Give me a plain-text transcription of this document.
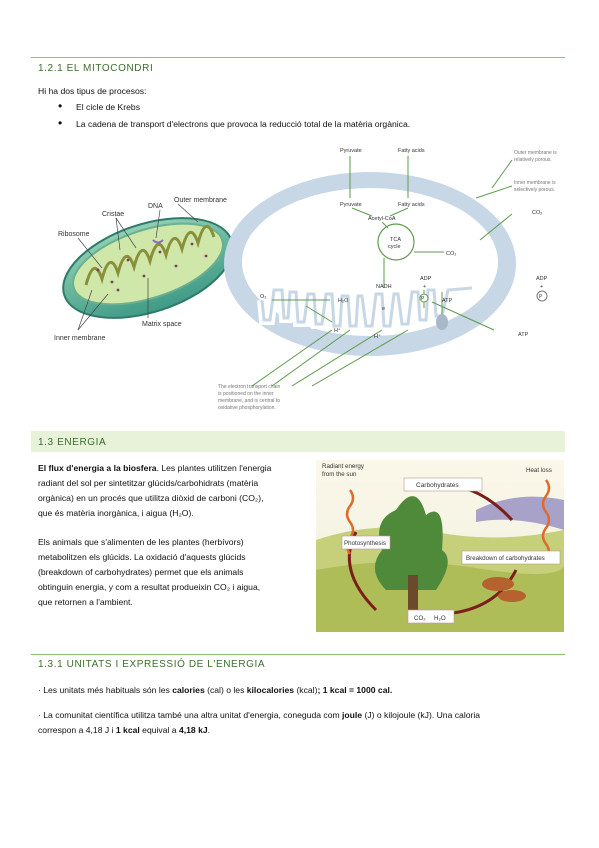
1.2.1 EL MITOCONDRI
Hi ha dos tipus de procesos:
• El cicle de Krebs
• La cadena de transport d'electrons que provoca la reducció total de la matèria orgànica.
DNA
Outer membrane
Cristae
Ribosome
Matrix space
Inner membrane
Pyruvate	Fatty acids
Pyruvate	Fatty acids
Acetyl-CoA
TCA
cycle
CO₂
CO₂
NADH
O₂
H₂O
H⁺
H⁺
e
ADP
+
P	ATP
ADP
+
P
ATP
Outer membrane is
relatively porous.
Inner membrane is
selectively porous.
The electron transport chain
is positioned on the inner
membrane, and is central to
oxidative phosphorylation.
1.3 ENERGIA
El flux d'energia a la biosfera. Les plantes utilitzen l'energia
radiant del sol per sintetitzar glúcids/carbohidrats (matèria
orgànica) en un procés que utilitza diòxid de carboni (CO₂),
que és matèria inorgànica, i aigua (H₂O).
Els animals que s'alimenten de les plantes (herbívors)
metabolitzen els glúcids. La oxidació d'aquests glúcids
(breakdown of carbohydrates) permet que els animals
obtinguin energia, y com a resultat produeixin CO₂ i aigua,
que retornen a l'ambient.
Radiant energy
from the sun
Heat loss
Carbohydrates
Photosynthesis
Breakdown of carbohydrates
CO₂ H₂O
1.3.1 UNITATS I EXPRESSIÓ DE L'ENERGIA
· Les unitats més habituals són les calories (cal) o les kilocalories (kcal); 1 kcal = 1000 cal.
· La comunitat científica utilitza també una altra unitat d'energia, coneguda com joule (J) o kilojoule (kJ). Una caloria
correspon a 4,18 J i 1 kcal equival a 4,18 kJ.
